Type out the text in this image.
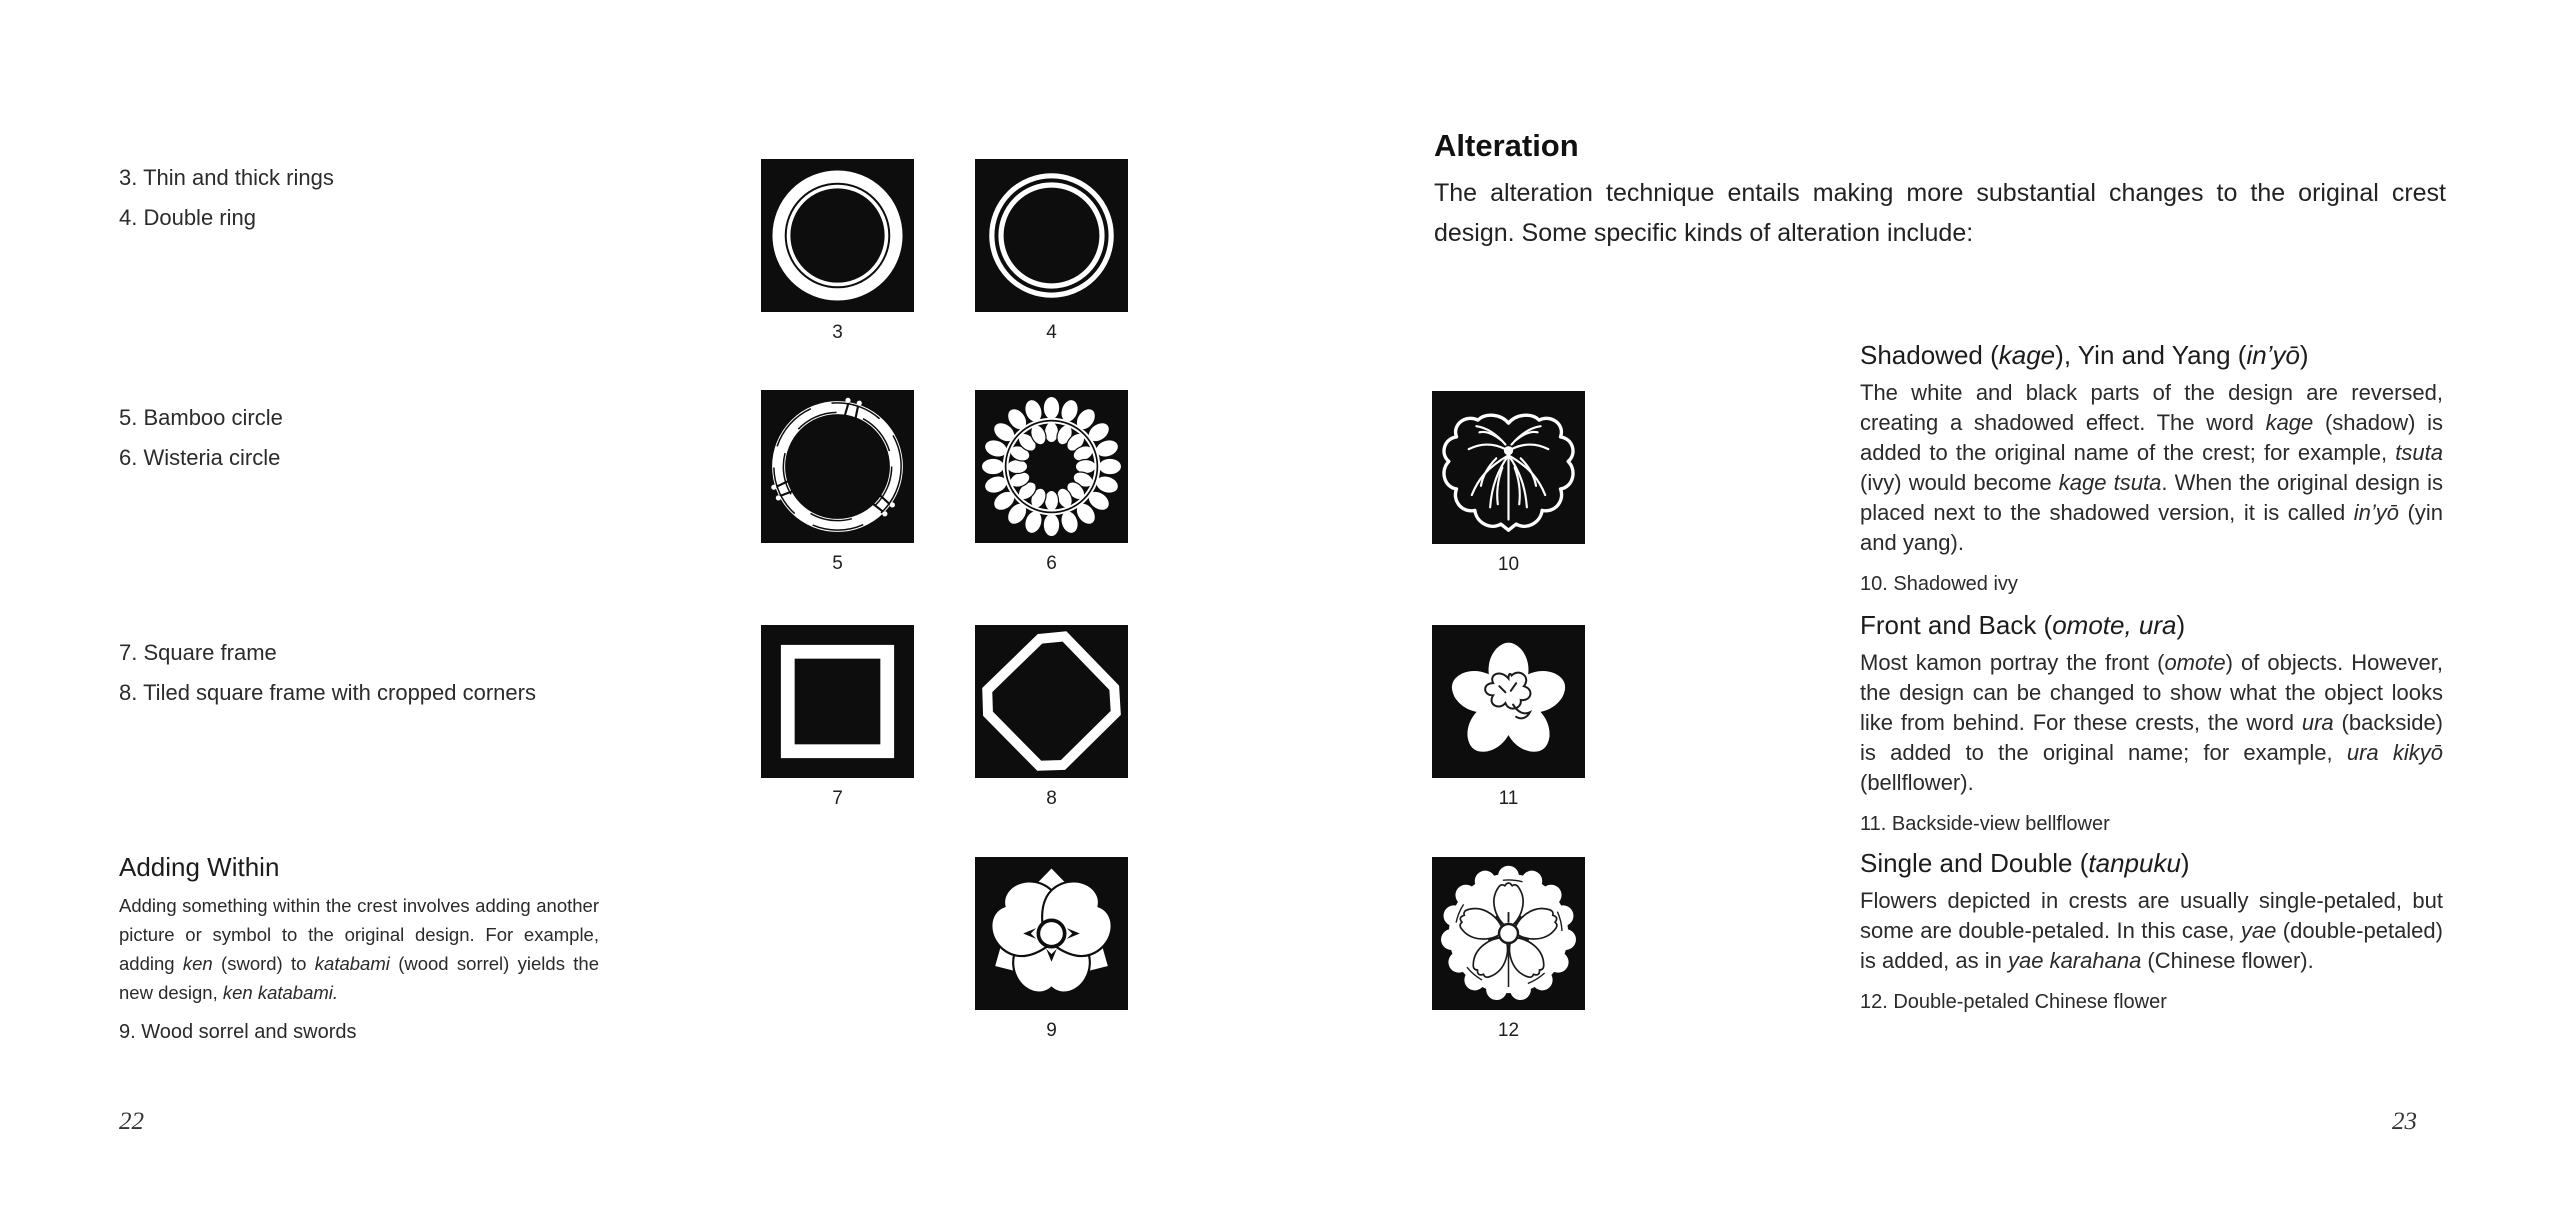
3. Thin and thick rings
4. Double ring
5. Bamboo circle
6. Wisteria circle
7. Square frame
8. Tiled square frame with cropped corners
3	4
5	6
7	8
9
Adding Within
Adding something within the crest involves adding another picture or symbol to the original design. For example, adding ken (sword) to katabami (wood sorrel) yields the new design, ken katabami.
9. Wood sorrel and swords
22
Alteration
The alteration technique entails making more substantial changes to the original crest design. Some specific kinds of alteration include:
10
11
12
Shadowed (kage), Yin and Yang (in’yō)
The white and black parts of the design are reversed, creating a shadowed effect. The word kage (shadow) is added to the original name of the crest; for example, tsuta (ivy) would become kage tsuta. When the original design is placed next to the shadowed version, it is called in’yō (yin and yang).
10. Shadowed ivy
Front and Back (omote, ura)
Most kamon portray the front (omote) of objects. However, the design can be changed to show what the object looks like from behind. For these crests, the word ura (backside) is added to the original name; for example, ura kikyō (bellflower).
11. Backside-view bellflower
Single and Double (tanpuku)
Flowers depicted in crests are usually single-petaled, but some are double-petaled. In this case, yae (double-petaled) is added, as in yae karahana (Chinese flower).
12. Double-petaled Chinese flower
23
